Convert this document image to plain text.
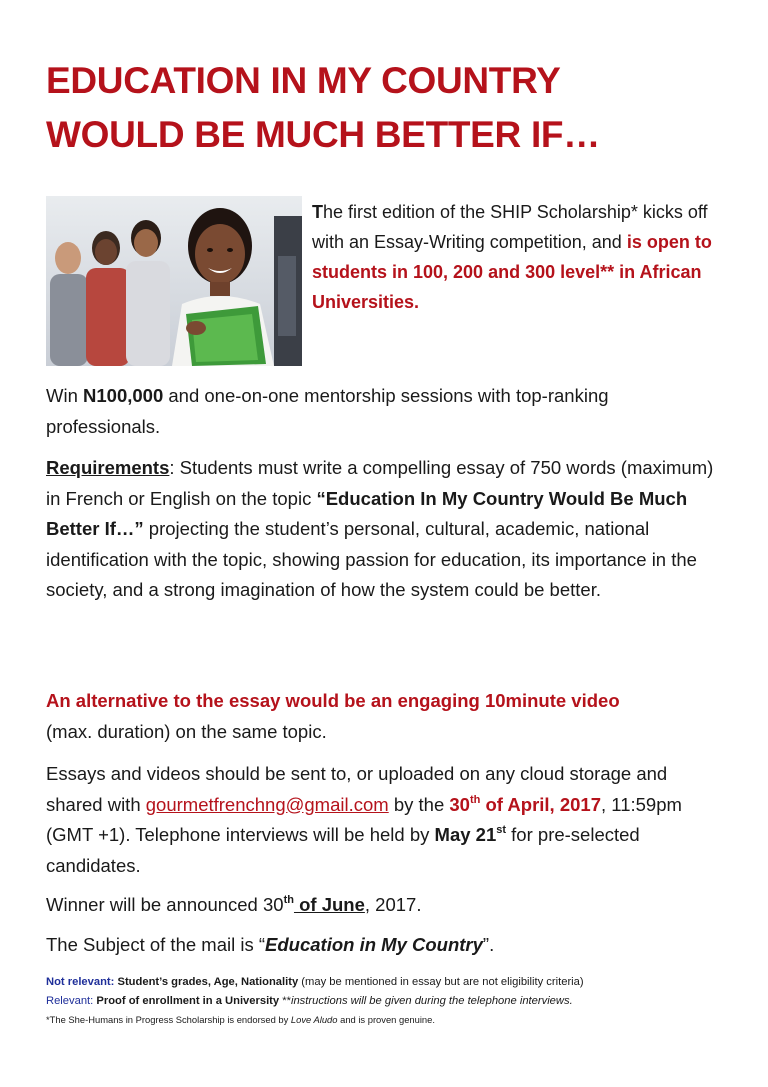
EDUCATION IN MY COUNTRY
WOULD BE MUCH BETTER IF…

The first edition of the SHIP Scholarship* kicks off with an Essay-Writing competition, and is open to students in 100, 200 and 300 level** in African Universities.

Win N100,000 and one-on-one mentorship sessions with top-ranking professionals.

Requirements: Students must write a compelling essay of 750 words (maximum) in French or English on the topic “Education In My Country Would Be Much Better If…” projecting the student’s personal, cultural, academic, national identification with the topic, showing passion for education, its importance in the society, and a strong imagination of how the system could be better.

An alternative to the essay would be an engaging 10minute video
(max. duration) on the same topic.

Essays and videos should be sent to, or uploaded on any cloud storage and shared with gourmetfrenchng@gmail.com by the 30th of April, 2017, 11:59pm (GMT +1). Telephone interviews will be held by May 21st for pre-selected candidates.

Winner will be announced 30th of June, 2017.

The Subject of the mail is “Education in My Country”.

Not relevant: Student’s grades, Age, Nationality (may be mentioned in essay but are not eligibility criteria)

Relevant: Proof of enrollment in a University **instructions will be given during the telephone interviews.

*The She-Humans in Progress Scholarship is endorsed by Love Aludo and is proven genuine.
